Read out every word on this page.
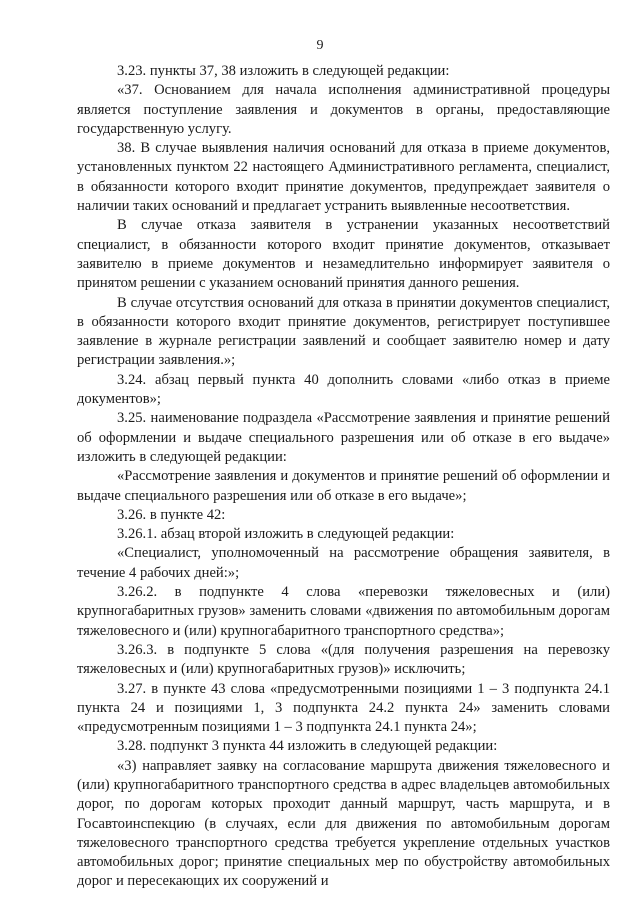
9

3.23. пункты 37, 38 изложить в следующей редакции:

«37. Основанием для начала исполнения административной процедуры является поступление заявления и документов в органы, предоставляющие государственную услугу.

38. В случае выявления наличия оснований для отказа в приеме документов, установленных пунктом 22 настоящего Административного регламента, специалист, в обязанности которого входит принятие документов, предупреждает заявителя о наличии таких оснований и предлагает устранить выявленные несоответствия.

В случае отказа заявителя в устранении указанных несоответствий специалист, в обязанности которого входит принятие документов, отказывает заявителю в приеме документов и незамедлительно информирует заявителя о принятом решении с указанием оснований принятия данного решения.

В случае отсутствия оснований для отказа в принятии документов специалист, в обязанности которого входит принятие документов, регистрирует поступившее заявление в журнале регистрации заявлений и сообщает заявителю номер и дату регистрации заявления.»;

3.24. абзац первый пункта 40 дополнить словами «либо отказ в приеме документов»;

3.25. наименование подраздела «Рассмотрение заявления и принятие решений об оформлении и выдаче специального разрешения или об отказе в его выдаче» изложить в следующей редакции:

«Рассмотрение заявления и документов и принятие решений об оформлении и выдаче специального разрешения или об отказе в его выдаче»;

3.26. в пункте 42:

3.26.1. абзац второй изложить в следующей редакции:

«Специалист, уполномоченный на рассмотрение обращения заявителя, в течение 4 рабочих дней:»;

3.26.2. в подпункте 4 слова «перевозки тяжеловесных и (или) крупногабаритных грузов» заменить словами «движения по автомобильным дорогам тяжеловесного и (или) крупногабаритного транспортного средства»;

3.26.3. в подпункте 5 слова «(для получения разрешения на перевозку тяжеловесных и (или) крупногабаритных грузов)» исключить;

3.27. в пункте 43 слова «предусмотренными позициями 1 – 3 подпункта 24.1 пункта 24 и позициями 1, 3 подпункта 24.2 пункта 24» заменить словами «предусмотренным позициями 1 – 3 подпункта 24.1 пункта 24»;

3.28. подпункт 3 пункта 44 изложить в следующей редакции:

«3) направляет заявку на согласование маршрута движения тяжеловесного и (или) крупногабаритного транспортного средства в адрес владельцев автомобильных дорог, по дорогам которых проходит данный маршрут, часть маршрута, и в Госавтоинспекцию (в случаях, если для движения по автомобильным дорогам тяжеловесного транспортного средства требуется укрепление отдельных участков автомобильных дорог; принятие специальных мер по обустройству автомобильных дорог и пересекающих их сооружений и
